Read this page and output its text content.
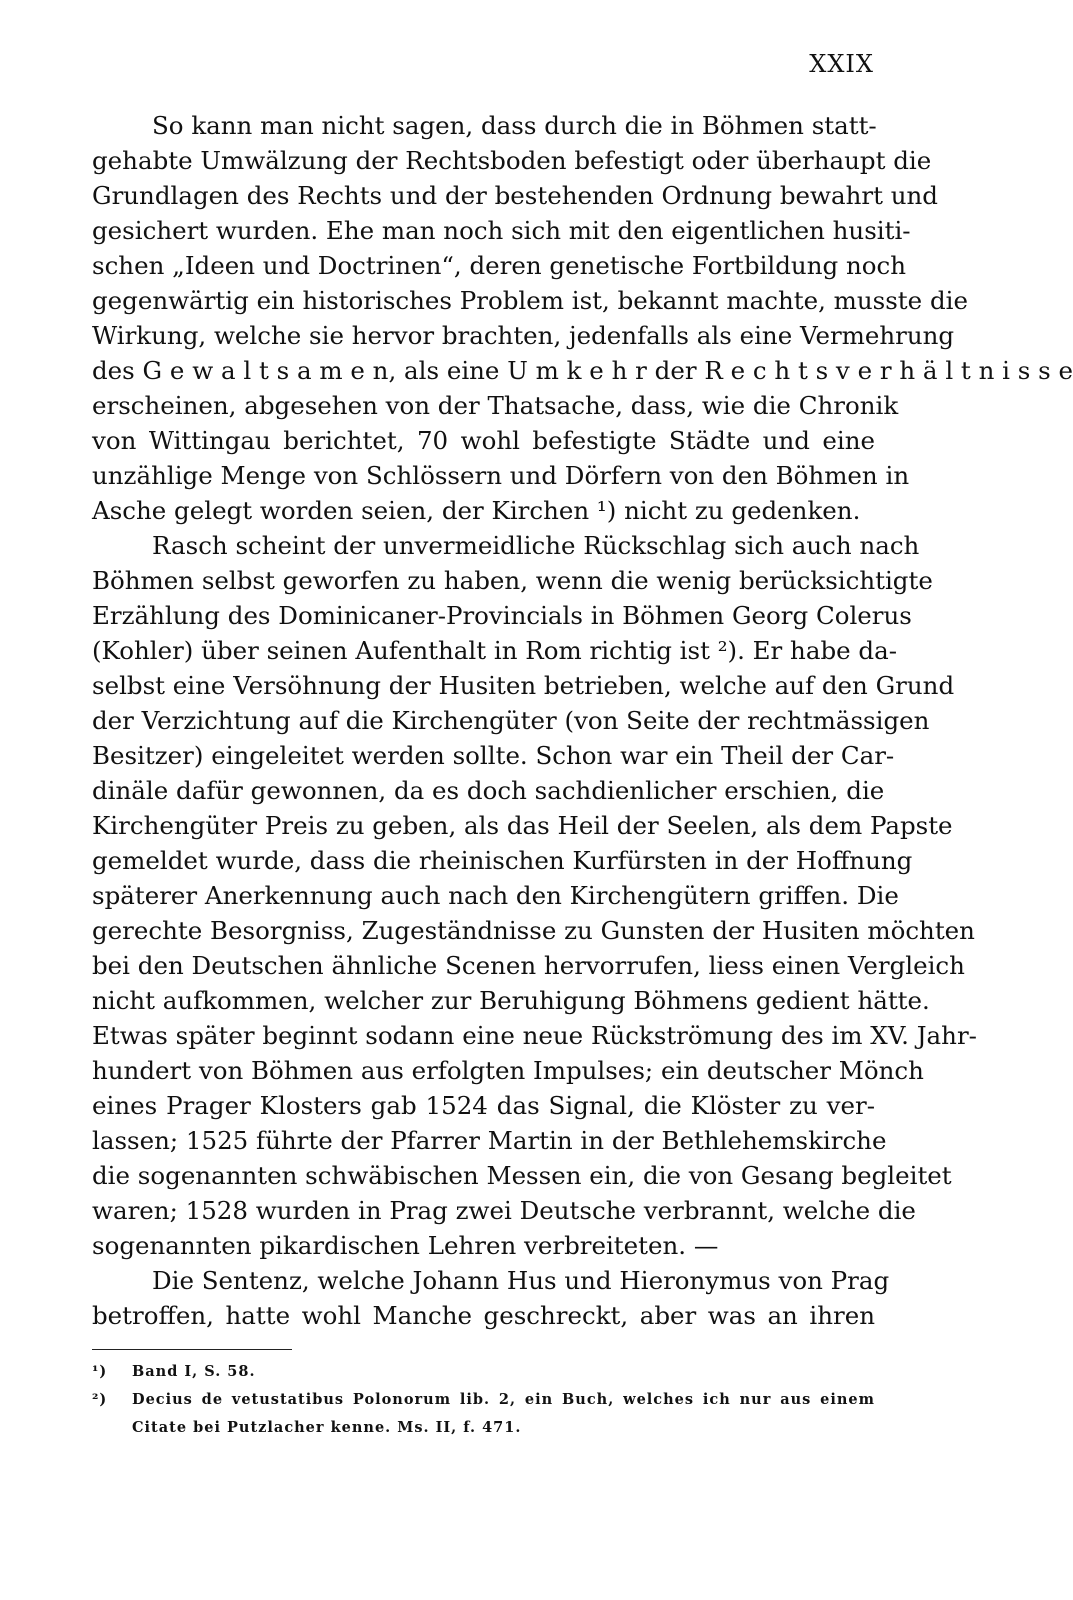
XXIX
So kann man nicht sagen, dass durch die in Böhmen statt-
gehabte Umwälzung der Rechtsboden befestigt oder überhaupt die
Grundlagen des Rechts und der bestehenden Ordnung bewahrt und
gesichert wurden. Ehe man noch sich mit den eigentlichen husiti-
schen „Ideen und Doctrinen“, deren genetische Fortbildung noch
gegenwärtig ein historisches Problem ist, bekannt machte, musste die
Wirkung, welche sie hervor brachten, jedenfalls als eine Vermehrung
des G e w a l t s a m e n, als eine U m k e h r der R e c h t s v e r h ä l t n i s s e
erscheinen, abgesehen von der Thatsache, dass, wie die Chronik
von Wittingau berichtet, 70 wohl befestigte Städte und eine
unzählige Menge von Schlössern und Dörfern von den Böhmen in
Asche gelegt worden seien, der Kirchen ¹) nicht zu gedenken.
Rasch scheint der unvermeidliche Rückschlag sich auch nach
Böhmen selbst geworfen zu haben, wenn die wenig berücksichtigte
Erzählung des Dominicaner-Provincials in Böhmen Georg Colerus
(Kohler) über seinen Aufenthalt in Rom richtig ist ²). Er habe da-
selbst eine Versöhnung der Husiten betrieben, welche auf den Grund
der Verzichtung auf die Kirchengüter (von Seite der rechtmässigen
Besitzer) eingeleitet werden sollte. Schon war ein Theil der Car-
dinäle dafür gewonnen, da es doch sachdienlicher erschien, die
Kirchengüter Preis zu geben, als das Heil der Seelen, als dem Papste
gemeldet wurde, dass die rheinischen Kurfürsten in der Hoffnung
späterer Anerkennung auch nach den Kirchengütern griffen. Die
gerechte Besorgniss, Zugeständnisse zu Gunsten der Husiten möchten
bei den Deutschen ähnliche Scenen hervorrufen, liess einen Vergleich
nicht aufkommen, welcher zur Beruhigung Böhmens gedient hätte.
Etwas später beginnt sodann eine neue Rückströmung des im XV. Jahr-
hundert von Böhmen aus erfolgten Impulses; ein deutscher Mönch
eines Prager Klosters gab 1524 das Signal, die Klöster zu ver-
lassen; 1525 führte der Pfarrer Martin in der Bethlehemskirche
die sogenannten schwäbischen Messen ein, die von Gesang begleitet
waren; 1528 wurden in Prag zwei Deutsche verbrannt, welche die
sogenannten pikardischen Lehren verbreiteten. —
Die Sentenz, welche Johann Hus und Hieronymus von Prag
betroffen, hatte wohl Manche geschreckt, aber was an ihren
¹) Band I, S. 58.
²) Decius de vetustatibus Polonorum lib. 2, ein Buch, welches ich nur aus einem
Citate bei Putzlacher kenne. Ms. II, f. 471.
